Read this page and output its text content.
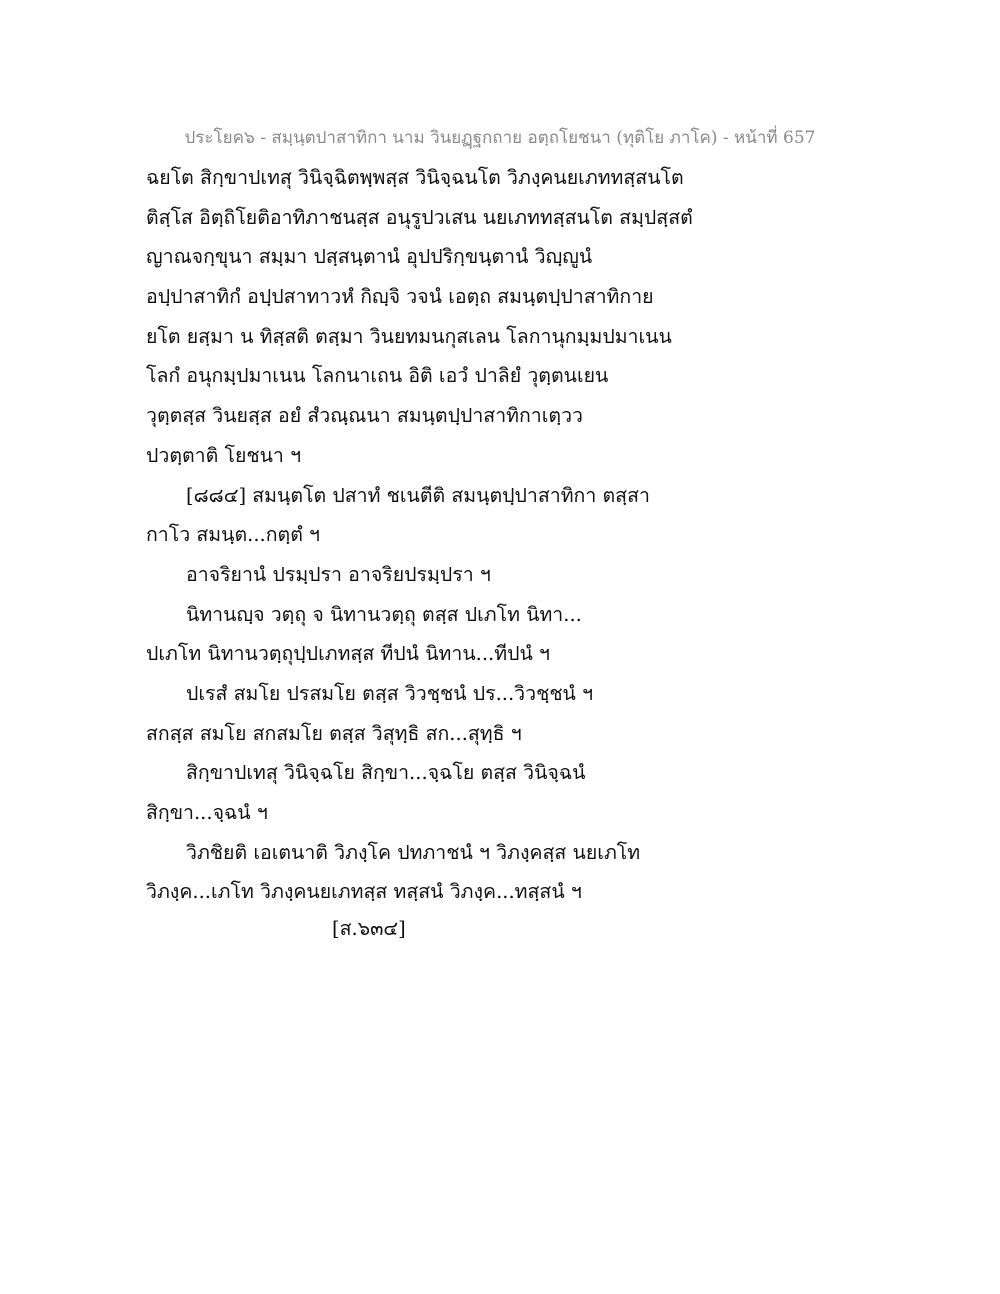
ประโยค๖ - สมฺนฺตปาสาทิกา นาม วินยฏฺฐกถาย อตฺถโยชนา (ทุติโย ภาโค) - หน้าที่ 657
ฉยโต สิกฺขาปเทสุ วินิจฺฉิตพฺพสฺส วินิจฺฉนโต วิภงฺคนยเภททสฺสนโต
ติสฺโส อิตฺถิโยติอาทิภาชนสฺส อนุรูปวเสน นยเภททสฺสนโต สมฺปสฺสตํ
ญาณจกฺขุนา สมฺมา ปสฺสนฺตานํ อุปปริกฺขนฺตานํ วิญฺญูนํ
อปฺปาสาทิกํ อปฺปสาทาวหํ กิญฺจิ วจนํ เอตฺถ สมนฺตปฺปาสาทิกาย
ยโต ยสฺมา น ทิสฺสติ ตสฺมา วินยทมนกุสเลน โลกานุกมฺมปมาเนน
โลกํ อนุกมฺปมาเนน โลกนาเถน อิติ เอวํ ปาลิยํ วุตฺตนเยน
วุตฺตสฺส วินยสฺส อยํ สํวณฺณนา สมนฺตปฺปาสาทิกาเตฺวว
ปวตฺตาติ โยชนา ฯ
[๘๘๔] สมนฺตโต ปสาทํ ชเนตีติ สมนฺตปฺปาสาทิกา ตสฺสา
กาโว สมนฺต...กตฺตํ ฯ
อาจริยานํ ปรมฺปรา อาจริยปรมฺปรา ฯ
นิทานญฺจ วตฺถุ จ นิทานวตฺถุ ตสฺส ปเภโท นิทา...
ปเภโท นิทานวตฺถุปฺปเภทสฺส ทีปนํ นิทาน...ทีปนํ ฯ
ปเรสํ สมโย ปรสมโย ตสฺส วิวชฺชนํ ปร...วิวชฺชนํ ฯ
สกสฺส สมโย สกสมโย ตสฺส วิสุทฺธิ สก...สุทฺธิ ฯ
สิกฺขาปเทสุ วินิจฺฉโย สิกฺขา...จฺฉโย ตสฺส วินิจฺฉนํ
สิกฺขา...จฺฉนํ ฯ
วิภชิยติ เอเตนาติ วิภงฺโค ปทภาชนํ ฯ วิภงฺคสฺส นยเภโท
วิภงฺค...เภโท วิภงฺคนยเภทสฺส ทสฺสนํ วิภงฺค...ทสฺสนํ ฯ
[ส.๖๓๔]
